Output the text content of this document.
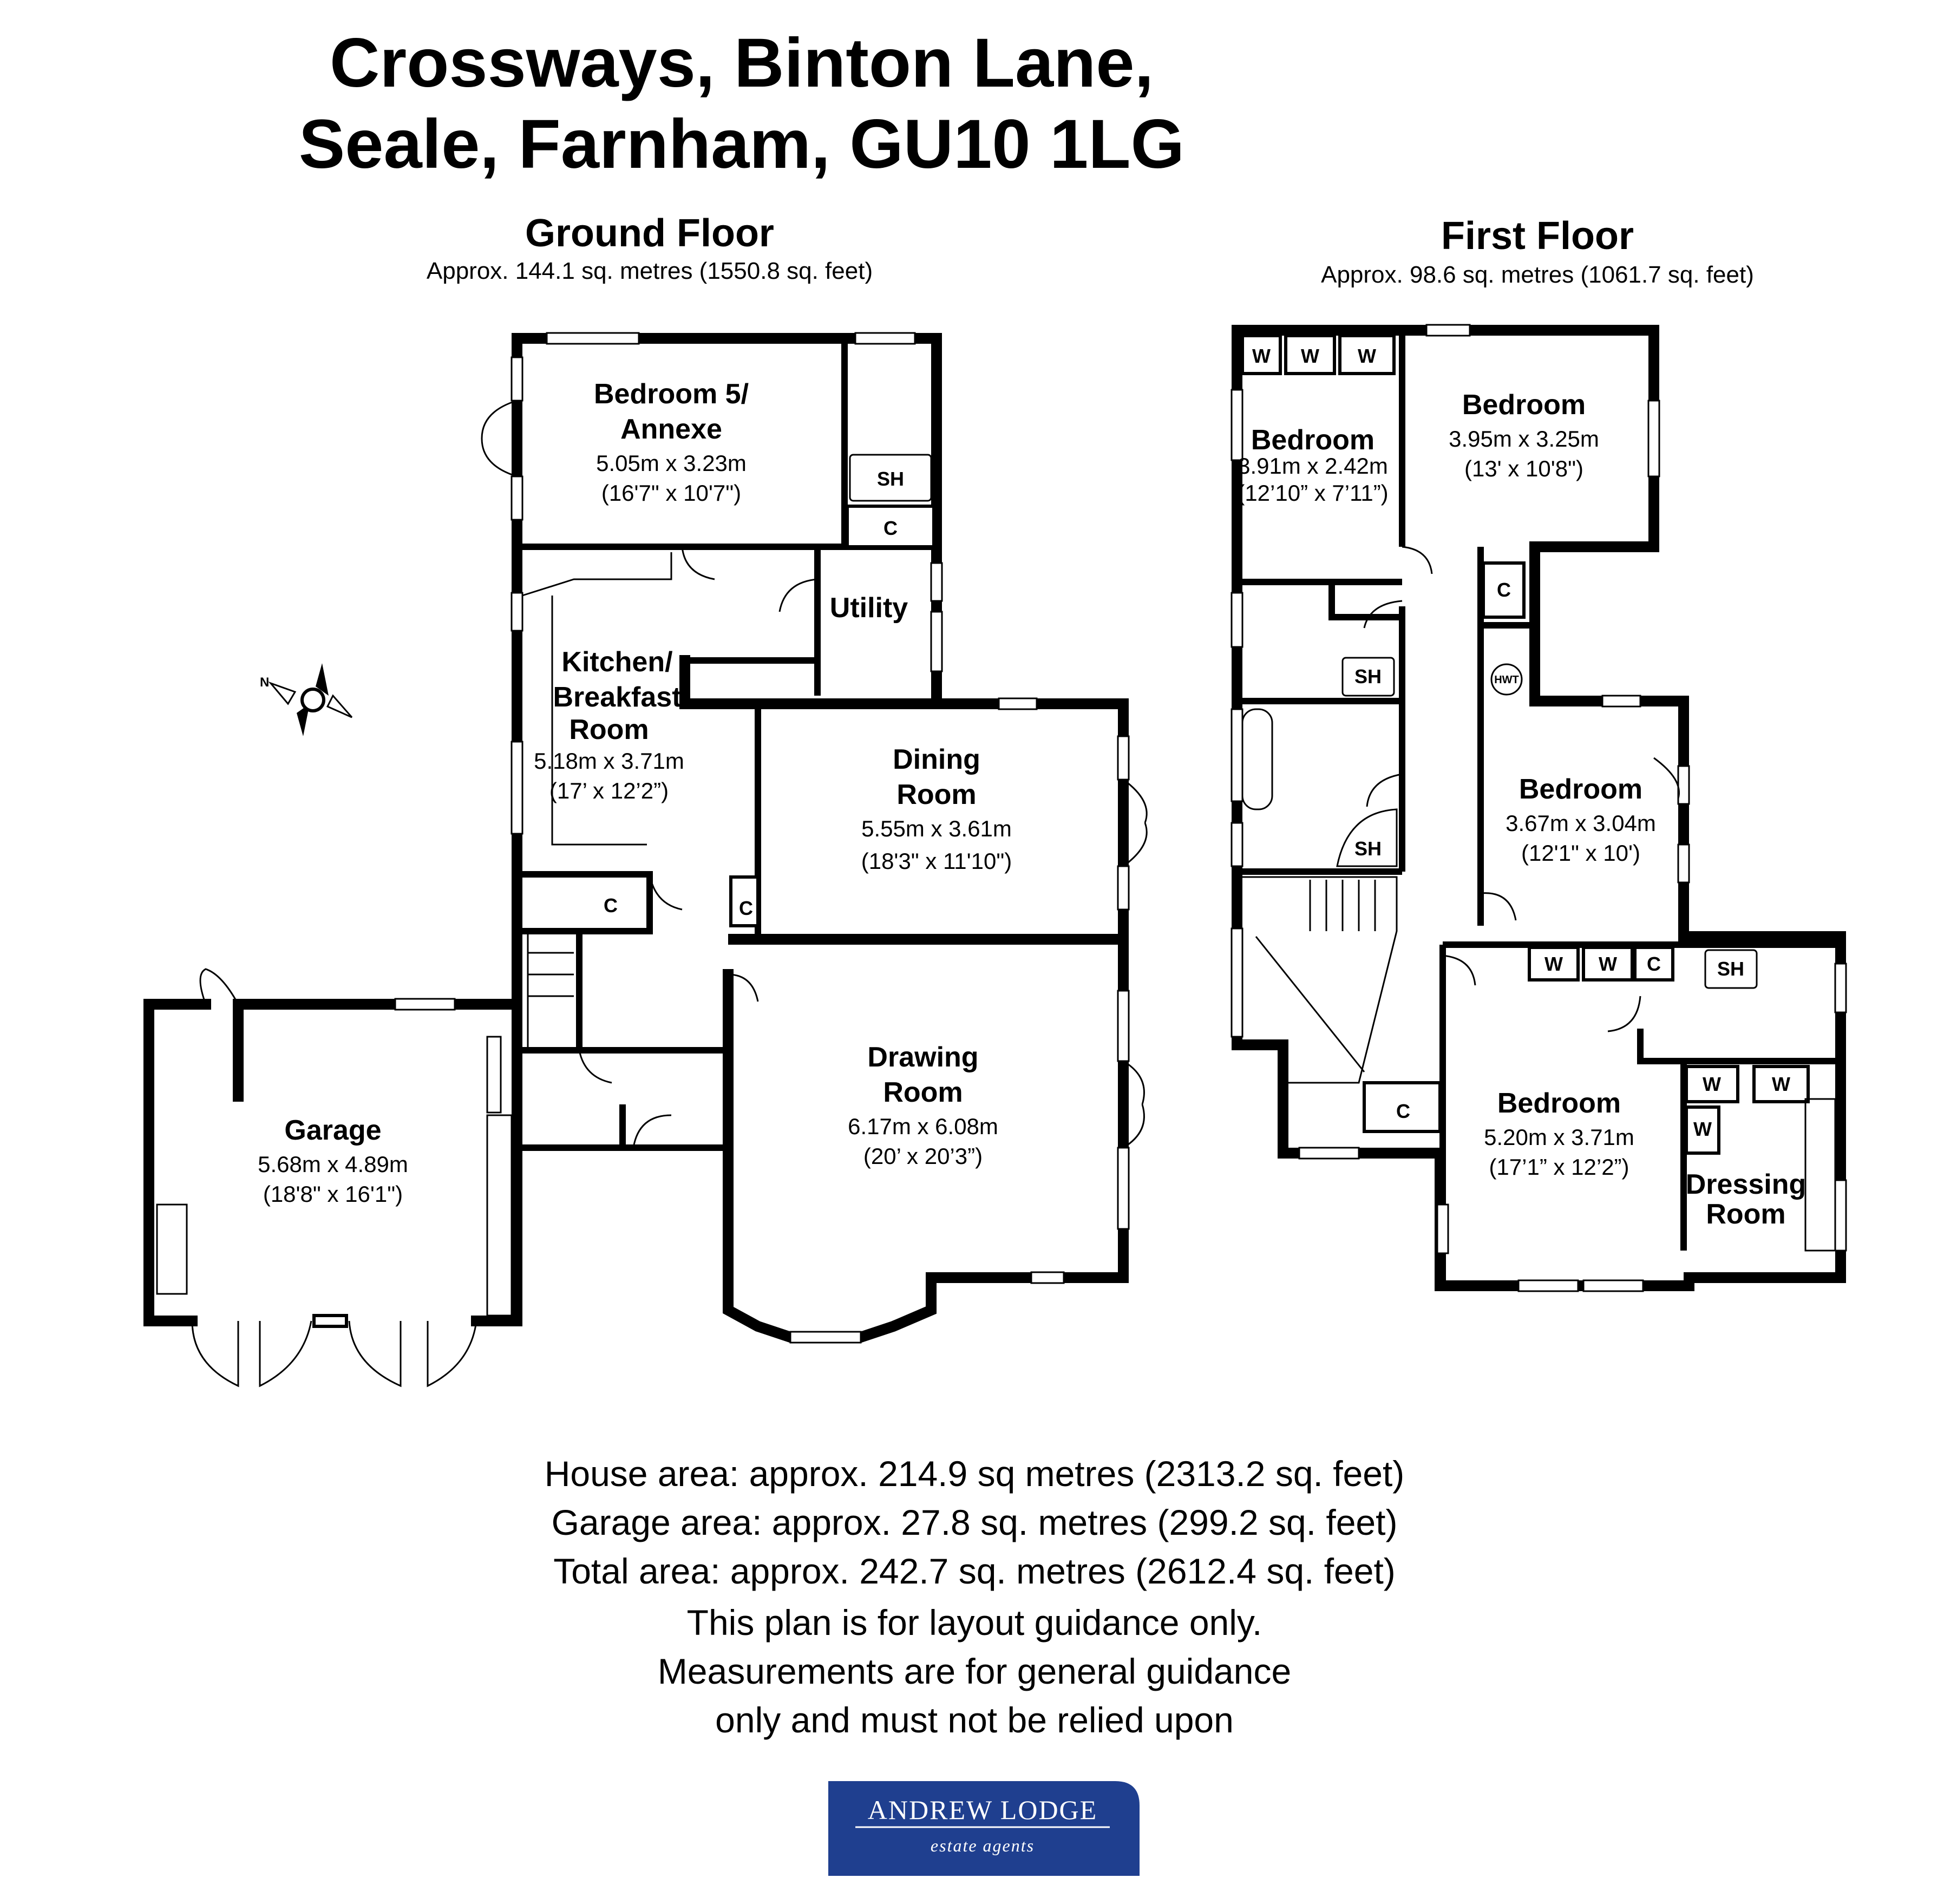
Crossways, Binton Lane,
Seale, Farnham, GU10 1LG
Ground Floor
Approx. 144.1 sq. metres (1550.8 sq. feet)
First Floor
Approx. 98.6 sq. metres (1061.7 sq. feet)
N
C
SH
C
C
Bedroom 5/
Annexe
5.05m x 3.23m
(16'7" x 10'7")
Utility
Kitchen/
Breakfast
Room
5.18m x 3.71m
(17’ x 12’2”)
Dining
Room
5.55m x 3.61m
(18'3" x 11'10")
Drawing
Room
6.17m x 6.08m
(20’ x 20’3”)
Garage
5.68m x 4.89m
(18'8" x 16'1")
W W W
C
HWT
SH
SH
C
W W C	SH
W	W
W
Bedroom
3.91m x 2.42m
(12’10” x 7’11”)
Bedroom
3.95m x 3.25m
(13' x 10'8")
Bedroom
3.67m x 3.04m
(12'1" x 10')
Bedroom
5.20m x 3.71m
(17’1” x 12’2”)
Dressing
Room
House area: approx. 214.9 sq metres (2313.2 sq. feet)
Garage area: approx. 27.8 sq. metres (299.2 sq. feet)
Total area: approx. 242.7 sq. metres (2612.4 sq. feet)
This plan is for layout guidance only.
Measurements are for general guidance
only and must not be relied upon
ANDREW LODGE
estate agents
